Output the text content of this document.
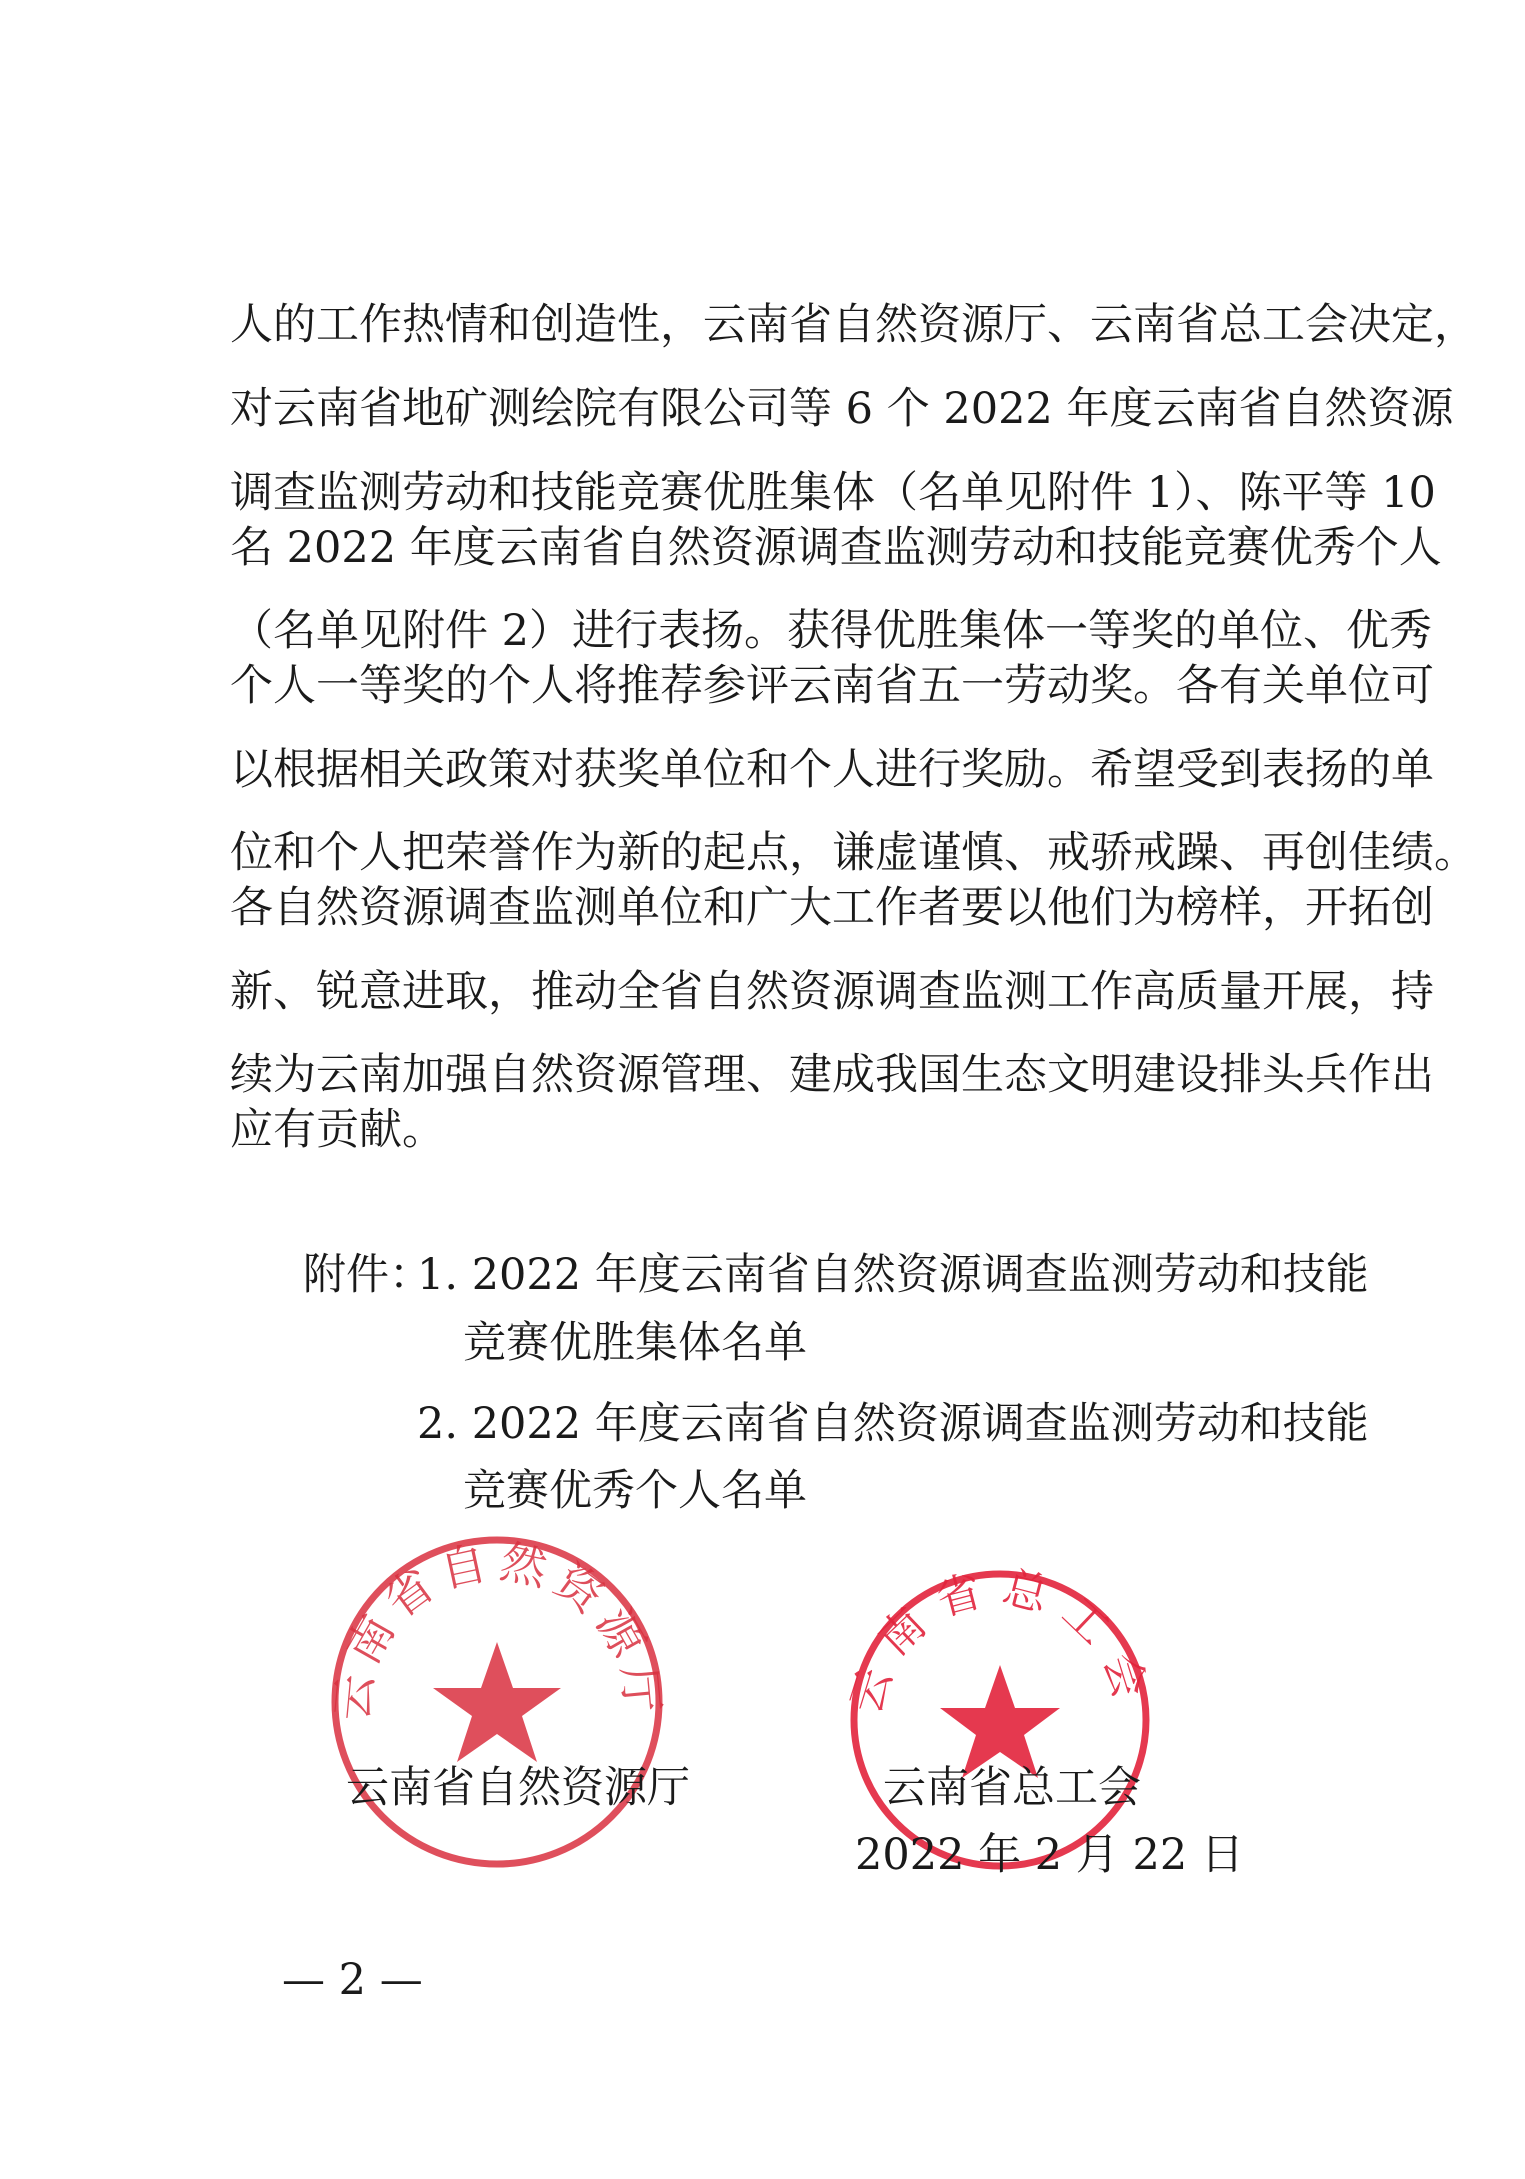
人的工作热情和创造性，云南省自然资源厅、云南省总工会决定，
对云南省地矿测绘院有限公司等 6 个 2022 年度云南省自然资源
调查监测劳动和技能竞赛优胜集体（名单见附件 1）、陈平等 10
名 2022 年度云南省自然资源调查监测劳动和技能竞赛优秀个人
（名单见附件 2）进行表扬。获得优胜集体一等奖的单位、优秀
个人一等奖的个人将推荐参评云南省五一劳动奖。各有关单位可
以根据相关政策对获奖单位和个人进行奖励。希望受到表扬的单
位和个人把荣誉作为新的起点，谦虚谨慎、戒骄戒躁、再创佳绩。
各自然资源调查监测单位和广大工作者要以他们为榜样，开拓创
新、锐意进取，推动全省自然资源调查监测工作高质量开展，持
续为云南加强自然资源管理、建成我国生态文明建设排头兵作出
应有贡献。
附件：
1. 2022 年度云南省自然资源调查监测劳动和技能
竞赛优胜集体名单
2. 2022 年度云南省自然资源调查监测劳动和技能
竞赛优秀个人名单
云南省自然资源厅	云南省总工会
云南省自然资源厅	云南省总工会
2022 年 2 月 22 日
— 2 —
